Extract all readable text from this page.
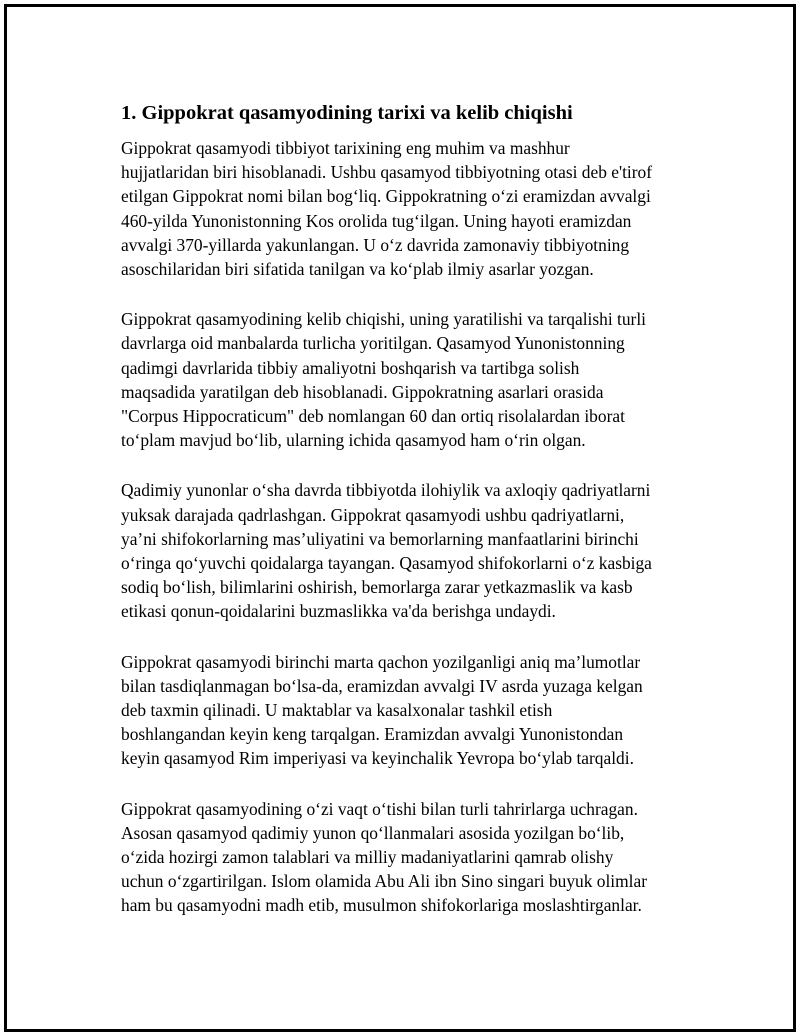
1. Gippokrat qasamyodining tarixi va kelib chiqishi
Gippokrat qasamyodi tibbiyot tarixining eng muhim va mashhur
hujjatlaridan biri hisoblanadi. Ushbu qasamyod tibbiyotning otasi deb e'tirof
etilgan Gippokrat nomi bilan bog‘liq. Gippokratning o‘zi eramizdan avvalgi
460-yilda Yunonistonning Kos orolida tug‘ilgan. Uning hayoti eramizdan
avvalgi 370-yillarda yakunlangan. U o‘z davrida zamonaviy tibbiyotning
asoschilaridan biri sifatida tanilgan va ko‘plab ilmiy asarlar yozgan.
Gippokrat qasamyodining kelib chiqishi, uning yaratilishi va tarqalishi turli
davrlarga oid manbalarda turlicha yoritilgan. Qasamyod Yunonistonning
qadimgi davrlarida tibbiy amaliyotni boshqarish va tartibga solish
maqsadida yaratilgan deb hisoblanadi. Gippokratning asarlari orasida
"Corpus Hippocraticum" deb nomlangan 60 dan ortiq risolalardan iborat
to‘plam mavjud bo‘lib, ularning ichida qasamyod ham o‘rin olgan.
Qadimiy yunonlar o‘sha davrda tibbiyotda ilohiylik va axloqiy qadriyatlarni
yuksak darajada qadrlashgan. Gippokrat qasamyodi ushbu qadriyatlarni,
ya’ni shifokorlarning mas’uliyatini va bemorlarning manfaatlarini birinchi
o‘ringa qo‘yuvchi qoidalarga tayangan. Qasamyod shifokorlarni o‘z kasbiga
sodiq bo‘lish, bilimlarini oshirish, bemorlarga zarar yetkazmaslik va kasb
etikasi qonun-qoidalarini buzmaslikka va'da berishga undaydi.
Gippokrat qasamyodi birinchi marta qachon yozilganligi aniq ma’lumotlar
bilan tasdiqlanmagan bo‘lsa-da, eramizdan avvalgi IV asrda yuzaga kelgan
deb taxmin qilinadi. U maktablar va kasalxonalar tashkil etish
boshlangandan keyin keng tarqalgan. Eramizdan avvalgi Yunonistondan
keyin qasamyod Rim imperiyasi va keyinchalik Yevropa bo‘ylab tarqaldi.
Gippokrat qasamyodining o‘zi vaqt o‘tishi bilan turli tahrirlarga uchragan.
Asosan qasamyod qadimiy yunon qo‘llanmalari asosida yozilgan bo‘lib,
o‘zida hozirgi zamon talablari va milliy madaniyatlarini qamrab olishy
uchun o‘zgartirilgan. Islom olamida Abu Ali ibn Sino singari buyuk olimlar
ham bu qasamyodni madh etib, musulmon shifokorlariga moslashtirganlar.
